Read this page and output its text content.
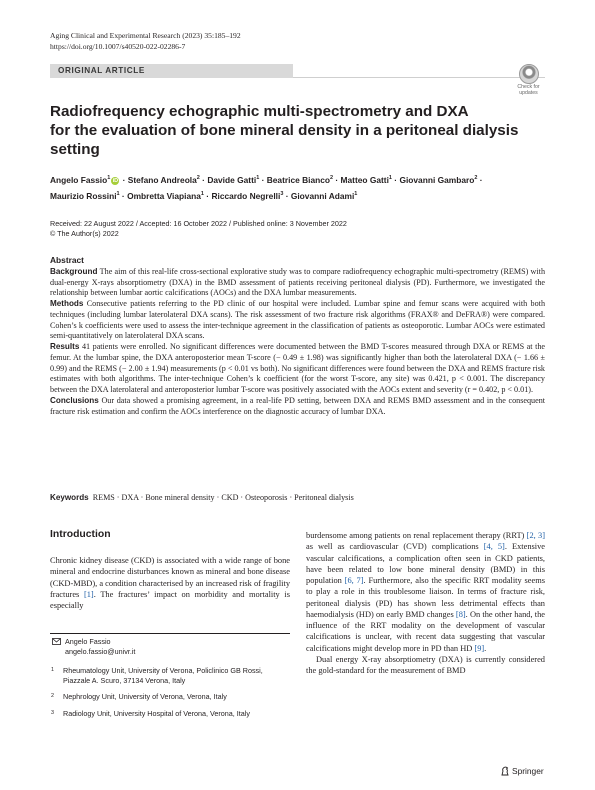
Aging Clinical and Experimental Research (2023) 35:185–192
https://doi.org/10.1007/s40520-022-02286-7
ORIGINAL ARTICLE
Check for
updates
Radiofrequency echographic multi-spectrometry and DXA
for the evaluation of bone mineral density in a peritoneal dialysis
setting
Angelo Fassio$^1$ iD · Stefano Andreola$^2$ · Davide Gatti$^1$ · Beatrice Bianco$^2$ · Matteo Gatti$^1$ · Giovanni Gambaro$^2$ ·
Maurizio Rossini$^1$ · Ombretta Viapiana$^1$ · Riccardo Negrelli$^3$ · Giovanni Adami$^1$
Received: 22 August 2022 / Accepted: 16 October 2022 / Published online: 3 November 2022
© The Author(s) 2022
Abstract

Background The aim of this real-life cross-sectional explorative study was to compare radiofrequency echographic multi-spectrometry (REMS) with dual-energy X-rays absorptiometry (DXA) in the BMD assessment of patients receiving peritoneal dialysis (PD). Furthermore, we investigated the relationship between lumbar aortic calcifications (AOCs) and the DXA lumbar measurements.

Methods Consecutive patients referring to the PD clinic of our hospital were included. Lumbar spine and femur scans were acquired with both techniques (including lumbar laterolateral DXA scans). The risk assessment of two fracture risk algorithms (FRAX® and DeFRA®) were compared. Cohen’s k coefficients were used to assess the inter-technique agreement in the classification of patients as osteoporotic. Lumbar AOCs were estimated semi-quantitatively on laterolateral DXA scans.

Results 41 patients were enrolled. No significant differences were documented between the BMD T-scores measured through DXA or REMS at the femur. At the lumbar spine, the DXA anteroposterior mean T-score (− 0.49 ± 1.98) was significantly higher than both the laterolateral DXA (− 1.66 ± 0.99) and the REMS (− 2.00 ± 1.94) measurements (p < 0.01 vs both). No significant differences were found between the DXA and REMS fracture risk estimates with both algorithms. The inter-technique Cohen’s k coefficient (for the worst T-score, any site) was 0.421, p < 0.001. The discrepancy between the DXA laterolateral and anteroposterior lumbar T-score was positively associated with the AOCs extent and severity (r = 0.402, p < 0.01).

Conclusions Our data showed a promising agreement, in a real-life PD setting, between DXA and REMS BMD assessment and in the consequent fracture risk estimation and confirm the AOCs interference on the diagnostic accuracy of lumbar DXA.

Keywords REMS · DXA · Bone mineral density · CKD · Osteoporosis · Peritoneal dialysis
Introduction

Chronic kidney disease (CKD) is associated with a wide range of bone mineral and endocrine disturbances known as mineral and bone disease (CKD-MBD), a condition characterised by an increased risk of fragility fractures [1]. The fractures’ impact on morbidity and mortality is especially

burdensome among patients on renal replacement therapy (RRT) [2, 3] as well as cardiovascular (CVD) complications [4, 5]. Extensive vascular calcifications, a complication often seen in CKD patients, have been related to low bone mineral density (BMD) in this population [6, 7]. Furthermore, also the specific RRT modality seems to play a role in this troublesome liaison. In terms of fracture risk, peritoneal dialysis (PD) has shown less detrimental effects than haemodialysis (HD) on early BMD changes [8]. On the other hand, the influence of the RRT modality on the development of vascular calcifications is unclear, with recent data suggesting that vascular calcifications might develop more in PD than HD [9].

Dual energy X-ray absorptiometry (DXA) is currently considered the gold-standard for the measurement of BMD

Angelo Fassio
angelo.fassio@univr.it
1 Rheumatology Unit, University of Verona, Policlinico GB Rossi, Piazzale A. Scuro, 37134 Verona, Italy
2 Nephrology Unit, University of Verona, Verona, Italy
3 Radiology Unit, University Hospital of Verona, Verona, Italy
Springer
